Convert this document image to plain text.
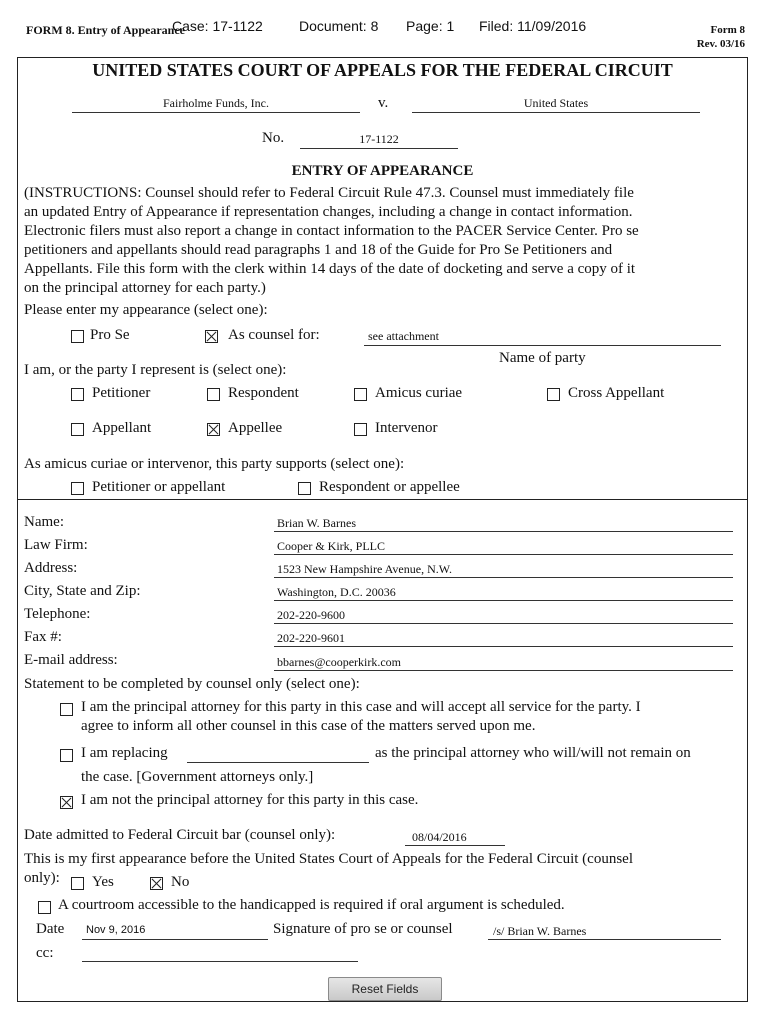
FORM 8. Entry of Appearance
Case: 17-1122	Document: 8 Page: 1 Filed: 11/09/2016	Form 8
Rev. 03/16
UNITED STATES COURT OF APPEALS FOR THE FEDERAL CIRCUIT
Fairholme Funds, Inc.	v.	United States
No.	17-1122
ENTRY OF APPEARANCE
(INSTRUCTIONS: Counsel should refer to Federal Circuit Rule 47.3. Counsel must immediately file
an updated Entry of Appearance if representation changes, including a change in contact information.
Electronic filers must also report a change in contact information to the PACER Service Center. Pro se
petitioners and appellants should read paragraphs 1 and 18 of the Guide for Pro Se Petitioners and
Appellants. File this form with the clerk within 14 days of the date of docketing and serve a copy of it
on the principal attorney for each party.)
Please enter my appearance (select one):
Pro Se	As counsel for:	see attachment
Name of party
I am, or the party I represent is (select one):
Petitioner	Respondent	Amicus curiae	Cross Appellant
Appellant	Appellee	Intervenor
As amicus curiae or intervenor, this party supports (select one):
Petitioner or appellant	Respondent or appellee
Name:	Brian W. Barnes
Law Firm:	Cooper & Kirk, PLLC
Address:	1523 New Hampshire Avenue, N.W.
City, State and Zip:	Washington, D.C. 20036
Telephone:	202-220-9600
Fax #:	202-220-9601
E-mail address:	bbarnes@cooperkirk.com
Statement to be completed by counsel only (select one):
I am the principal attorney for this party in this case and will accept all service for the party. I
agree to inform all other counsel in this case of the matters served upon me.
I am replacing	as the principal attorney who will/will not remain on
the case. [Government attorneys only.]
I am not the principal attorney for this party in this case.
Date admitted to Federal Circuit bar (counsel only):	08/04/2016
This is my first appearance before the United States Court of Appeals for the Federal Circuit (counsel
only): Yes	No
A courtroom accessible to the handicapped is required if oral argument is scheduled.
Date Nov 9, 2016	Signature of pro se or counsel	/s/ Brian W. Barnes
cc:
Reset Fields
